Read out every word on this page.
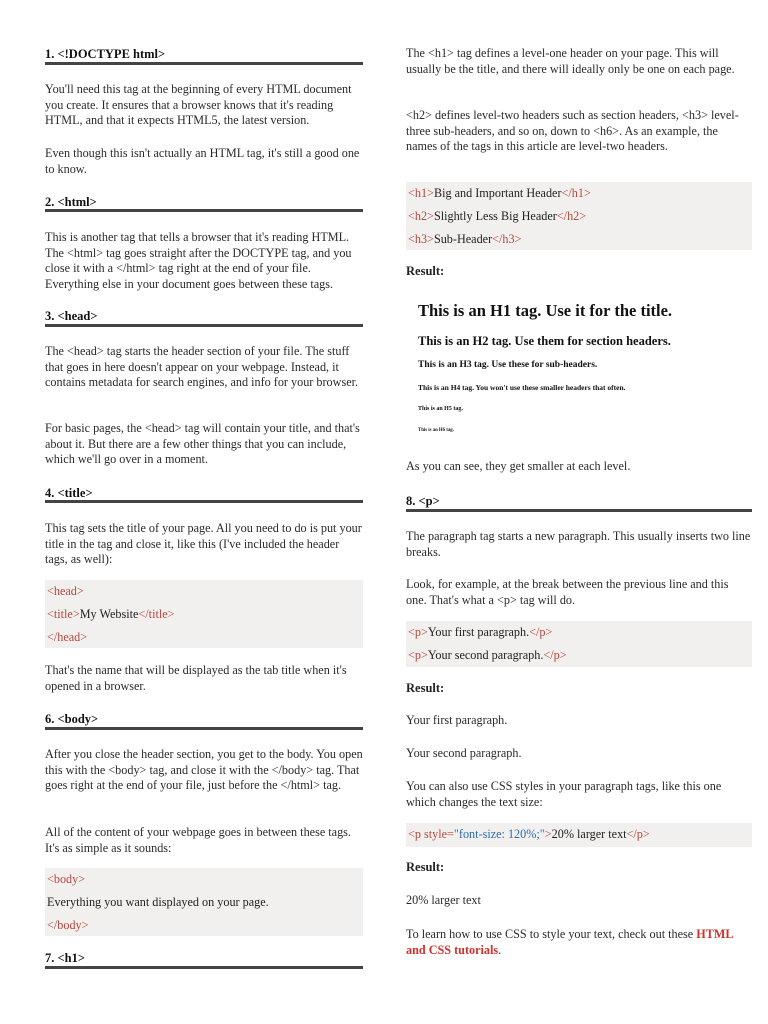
1. <!DOCTYPE html>

You'll need this tag at the beginning of every HTML document you create. It ensures that a browser knows that it's reading HTML, and that it expects HTML5, the latest version.

Even though this isn't actually an HTML tag, it's still a good one to know.

2. <html>

This is another tag that tells a browser that it's reading HTML. The <html> tag goes straight after the DOCTYPE tag, and you close it with a </html> tag right at the end of your file. Everything else in your document goes between these tags.

3. <head>

The <head> tag starts the header section of your file. The stuff that goes in here doesn't appear on your webpage. Instead, it contains metadata for search engines, and info for your browser.

For basic pages, the <head> tag will contain your title, and that's about it. But there are a few other things that you can include, which we'll go over in a moment.

4. <title>

This tag sets the title of your page. All you need to do is put your title in the tag and close it, like this (I've included the header tags, as well):

<head>
<title>My Website</title>
</head>

That's the name that will be displayed as the tab title when it's opened in a browser.

6. <body>

After you close the header section, you get to the body. You open this with the <body> tag, and close it with the </body> tag. That goes right at the end of your file, just before the </html> tag.

All of the content of your webpage goes in between these tags. It's as simple as it sounds:

<body>
Everything you want displayed on your page.
</body>
7. <h1>

The <h1> tag defines a level-one header on your page. This will usually be the title, and there will ideally only be one on each page.

<h2> defines level-two headers such as section headers, <h3> level-three sub-headers, and so on, down to <h6>. As an example, the names of the tags in this article are level-two headers.

<h1>Big and Important Header</h1>
<h2>Slightly Less Big Header</h2>
<h3>Sub-Header</h3>
Result:
This is an H1 tag. Use it for the title.
This is an H2 tag. Use them for section headers.
This is an H3 tag. Use these for sub-headers.
This is an H4 tag. You won't use these smaller headers that often.
This is an H5 tag.
This is an H6 tag.

As you can see, they get smaller at each level.

8. <p>

The paragraph tag starts a new paragraph. This usually inserts two line breaks.

Look, for example, at the break between the previous line and this one. That's what a <p> tag will do.

<p>Your first paragraph.</p>
<p>Your second paragraph.</p>
Result:

Your first paragraph.

Your second paragraph.

You can also use CSS styles in your paragraph tags, like this one which changes the text size:

<p style="font-size: 120%;">20% larger text</p>
Result:

20% larger text

To learn how to use CSS to style your text, check out these HTML and CSS tutorials.
